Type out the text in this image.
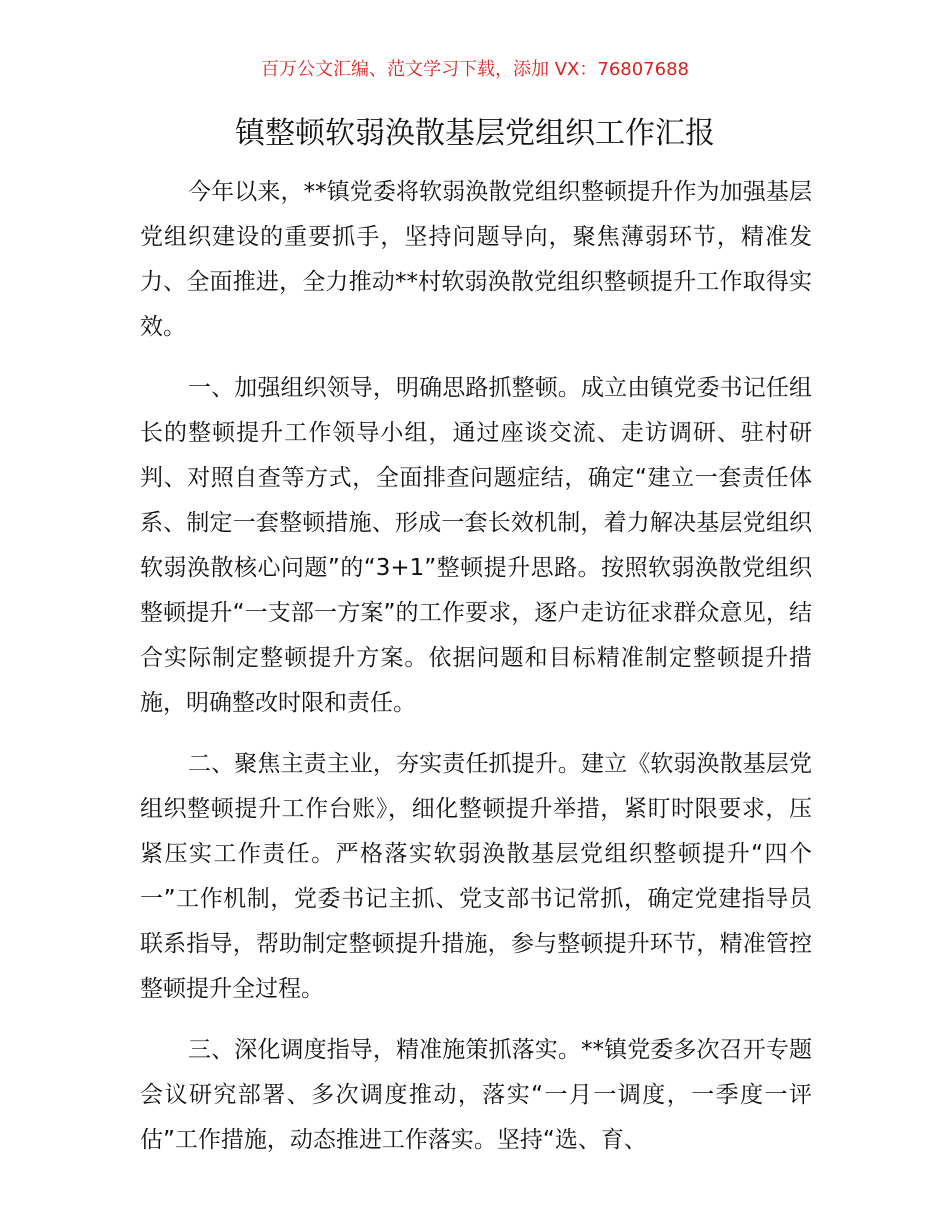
百万公文汇编、范文学习下载，添加 VX：76807688
镇整顿软弱涣散基层党组织工作汇报

今年以来，**镇党委将软弱涣散党组织整顿提升作为加强基层党组织建设的重要抓手，坚持问题导向，聚焦薄弱环节，精准发力、全面推进，全力推动**村软弱涣散党组织整顿提升工作取得实效。

一、加强组织领导，明确思路抓整顿。成立由镇党委书记任组长的整顿提升工作领导小组，通过座谈交流、走访调研、驻村研判、对照自查等方式，全面排查问题症结，确定“建立一套责任体系、制定一套整顿措施、形成一套长效机制，着力解决基层党组织软弱涣散核心问题”的“3+1”整顿提升思路。按照软弱涣散党组织整顿提升“一支部一方案”的工作要求，逐户走访征求群众意见，结合实际制定整顿提升方案。依据问题和目标精准制定整顿提升措施，明确整改时限和责任。

二、聚焦主责主业，夯实责任抓提升。建立《软弱涣散基层党组织整顿提升工作台账》，细化整顿提升举措，紧盯时限要求，压紧压实工作责任。严格落实软弱涣散基层党组织整顿提升“四个一”工作机制，党委书记主抓、党支部书记常抓，确定党建指导员联系指导，帮助制定整顿提升措施，参与整顿提升环节，精准管控整顿提升全过程。

三、深化调度指导，精准施策抓落实。**镇党委多次召开专题会议研究部署、多次调度推动，落实“一月一调度，一季度一评估”工作措施，动态推进工作落实。坚持“选、育、
